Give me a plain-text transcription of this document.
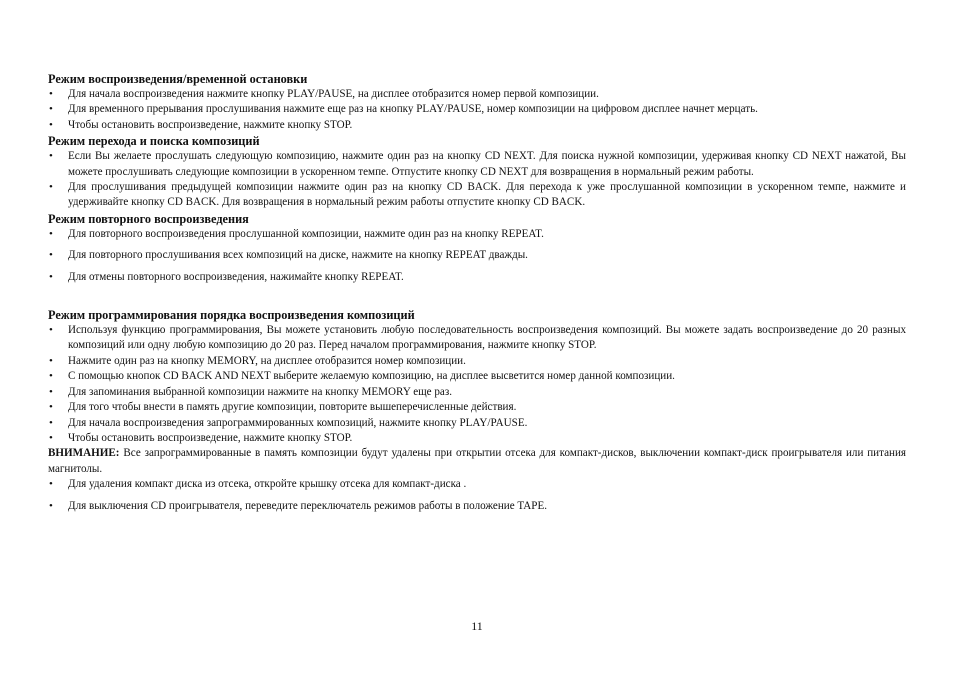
Режим воспроизведения/временной остановки

• Для начала воспроизведения нажмите кнопку PLAY/PAUSE, на дисплее отобразится номер первой композиции.
• Для временного прерывания прослушивания нажмите еще раз на кнопку PLAY/PAUSE, номер композиции на цифровом дисплее начнет мерцать.
• Чтобы остановить воспроизведение, нажмите кнопку STOP.

Режим перехода и поиска композиций

• Если Вы желаете прослушать следующую композицию, нажмите один раз на кнопку CD NEXT. Для поиска нужной композиции, удерживая кнопку CD NEXT нажатой, Вы можете прослушивать следующие композиции в ускоренном темпе. Отпустите кнопку CD NEXT для возвращения в нормальный режим работы.
• Для прослушивания предыдущей композиции нажмите один раз на кнопку CD BACK. Для перехода к уже прослушанной композиции в ускоренном темпе, нажмите и удерживайте кнопку CD BACK. Для возвращения в нормальный режим работы отпустите кнопку CD BACK.

Режим повторного воспроизведения

• Для повторного воспроизведения прослушанной композиции, нажмите один раз на кнопку REPEAT.
• Для повторного прослушивания всех композиций на диске, нажмите на кнопку REPEAT дважды.
• Для отмены повторного воспроизведения, нажимайте кнопку REPEAT.

Режим программирования порядка воспроизведения композиций

• Используя функцию программирования, Вы можете установить любую последовательность воспроизведения композиций. Вы можете задать воспроизведение до 20 разных композиций или одну любую композицию до 20 раз. Перед началом программирования, нажмите кнопку STOP.
• Нажмите один раз на кнопку MEMORY, на дисплее отобразится номер композиции.
• С помощью кнопок CD BACK AND NEXT выберите желаемую композицию, на дисплее высветится номер данной композиции.
• Для запоминания выбранной композиции нажмите на кнопку MEMORY еще раз.
• Для того чтобы внести в память другие композиции, повторите вышеперечисленные действия.
• Для начала воспроизведения запрограммированных композиций, нажмите кнопку PLAY/PAUSE.
• Чтобы остановить воспроизведение, нажмите кнопку STOP.

ВНИМАНИЕ: Все запрограммированные в память композиции будут удалены при открытии отсека для компакт-дисков, выключении компакт-диск проигрывателя или питания магнитолы.

• Для удаления компакт диска из отсека, откройте крышку отсека для компакт-диска .
• Для выключения CD проигрывателя, переведите переключатель режимов работы в положение TAPE.
11
